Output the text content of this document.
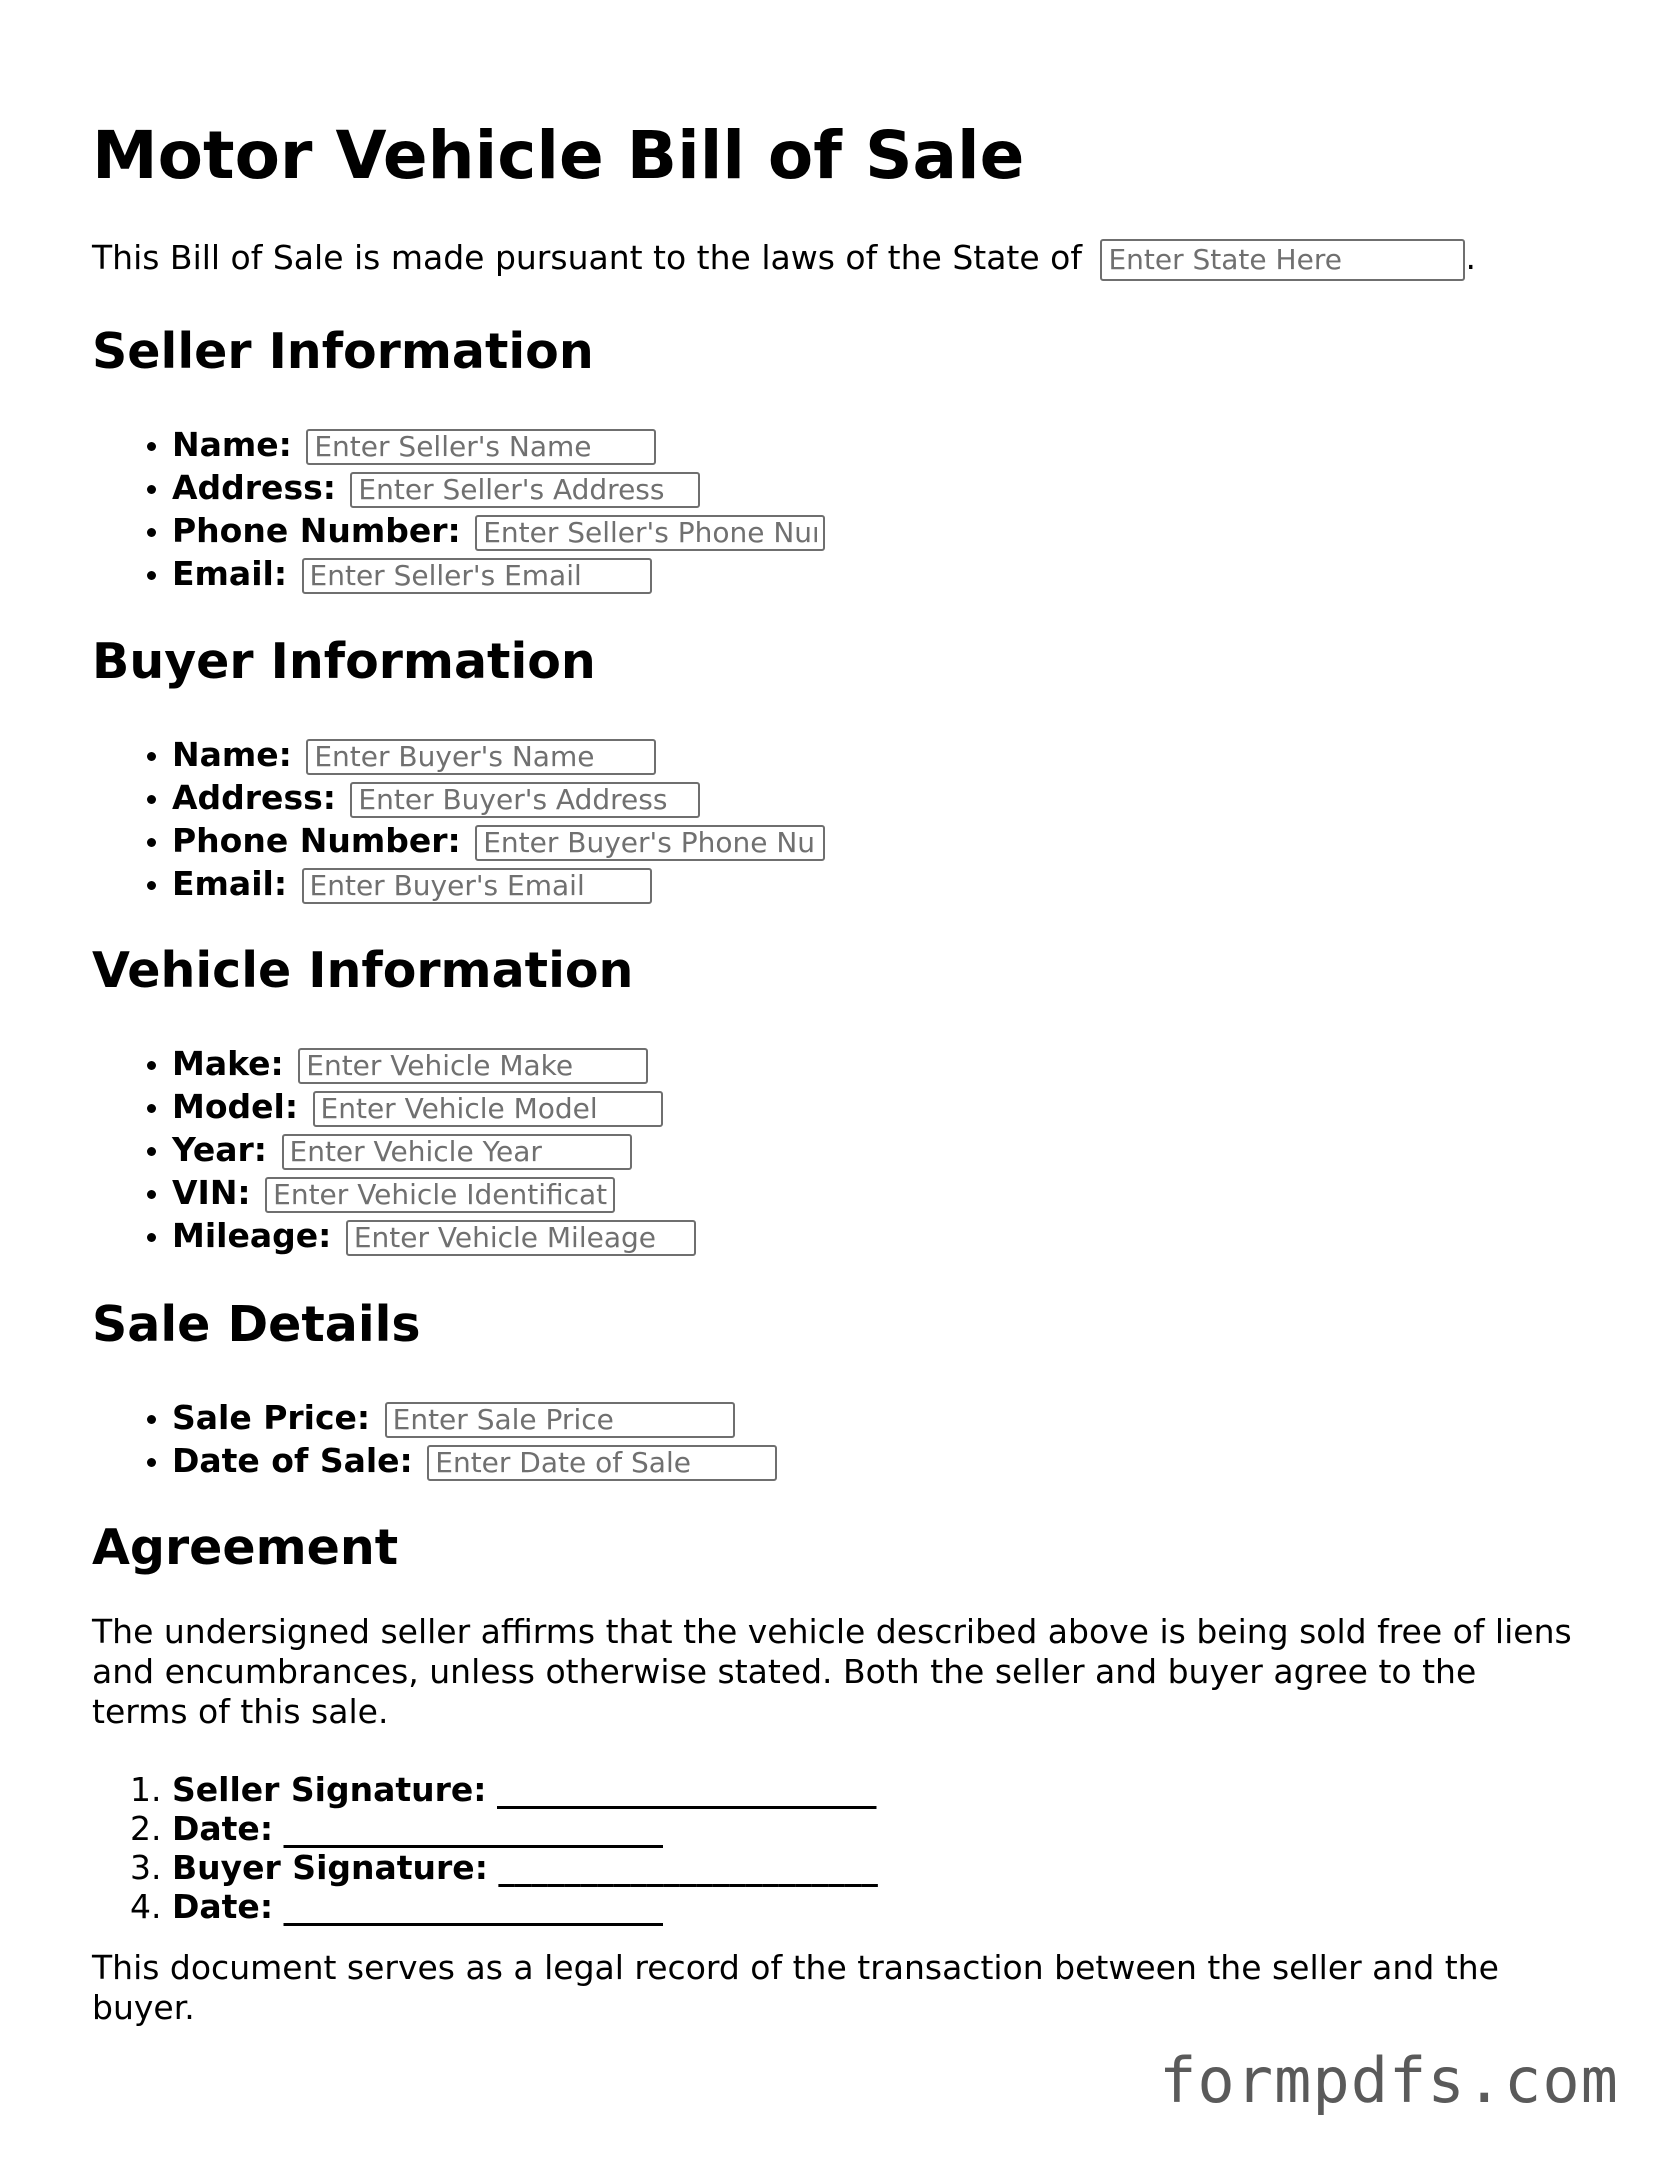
Motor Vehicle Bill of Sale
This Bill of Sale is made pursuant to the laws of the State of Enter State Here	.
Seller Information
• Name: Enter Seller's Name
• Address: Enter Seller's Address
• Phone Number: Enter Seller's Phone Number
• Email: Enter Seller's Email
Buyer Information
• Name: Enter Buyer's Name
• Address: Enter Buyer's Address
• Phone Number: Enter Buyer's Phone Number
• Email: Enter Buyer's Email
Vehicle Information
• Make: Enter Vehicle Make
• Model: Enter Vehicle Model
• Year: Enter Vehicle Year
• VIN: Enter Vehicle Identification Number
• Mileage: Enter Vehicle Mileage
Sale Details
• Sale Price: Enter Sale Price
• Date of Sale: Enter Date of Sale
Agreement

The undersigned seller affirms that the vehicle described above is being sold free of liens and encumbrances, unless otherwise stated. Both the seller and buyer agree to the terms of this sale.

1. Seller Signature: _______________________
2. Date: _______________________
3. Buyer Signature: _______________________
4. Date: _______________________

This document serves as a legal record of the transaction between the seller and the buyer.

formpdfs.com
